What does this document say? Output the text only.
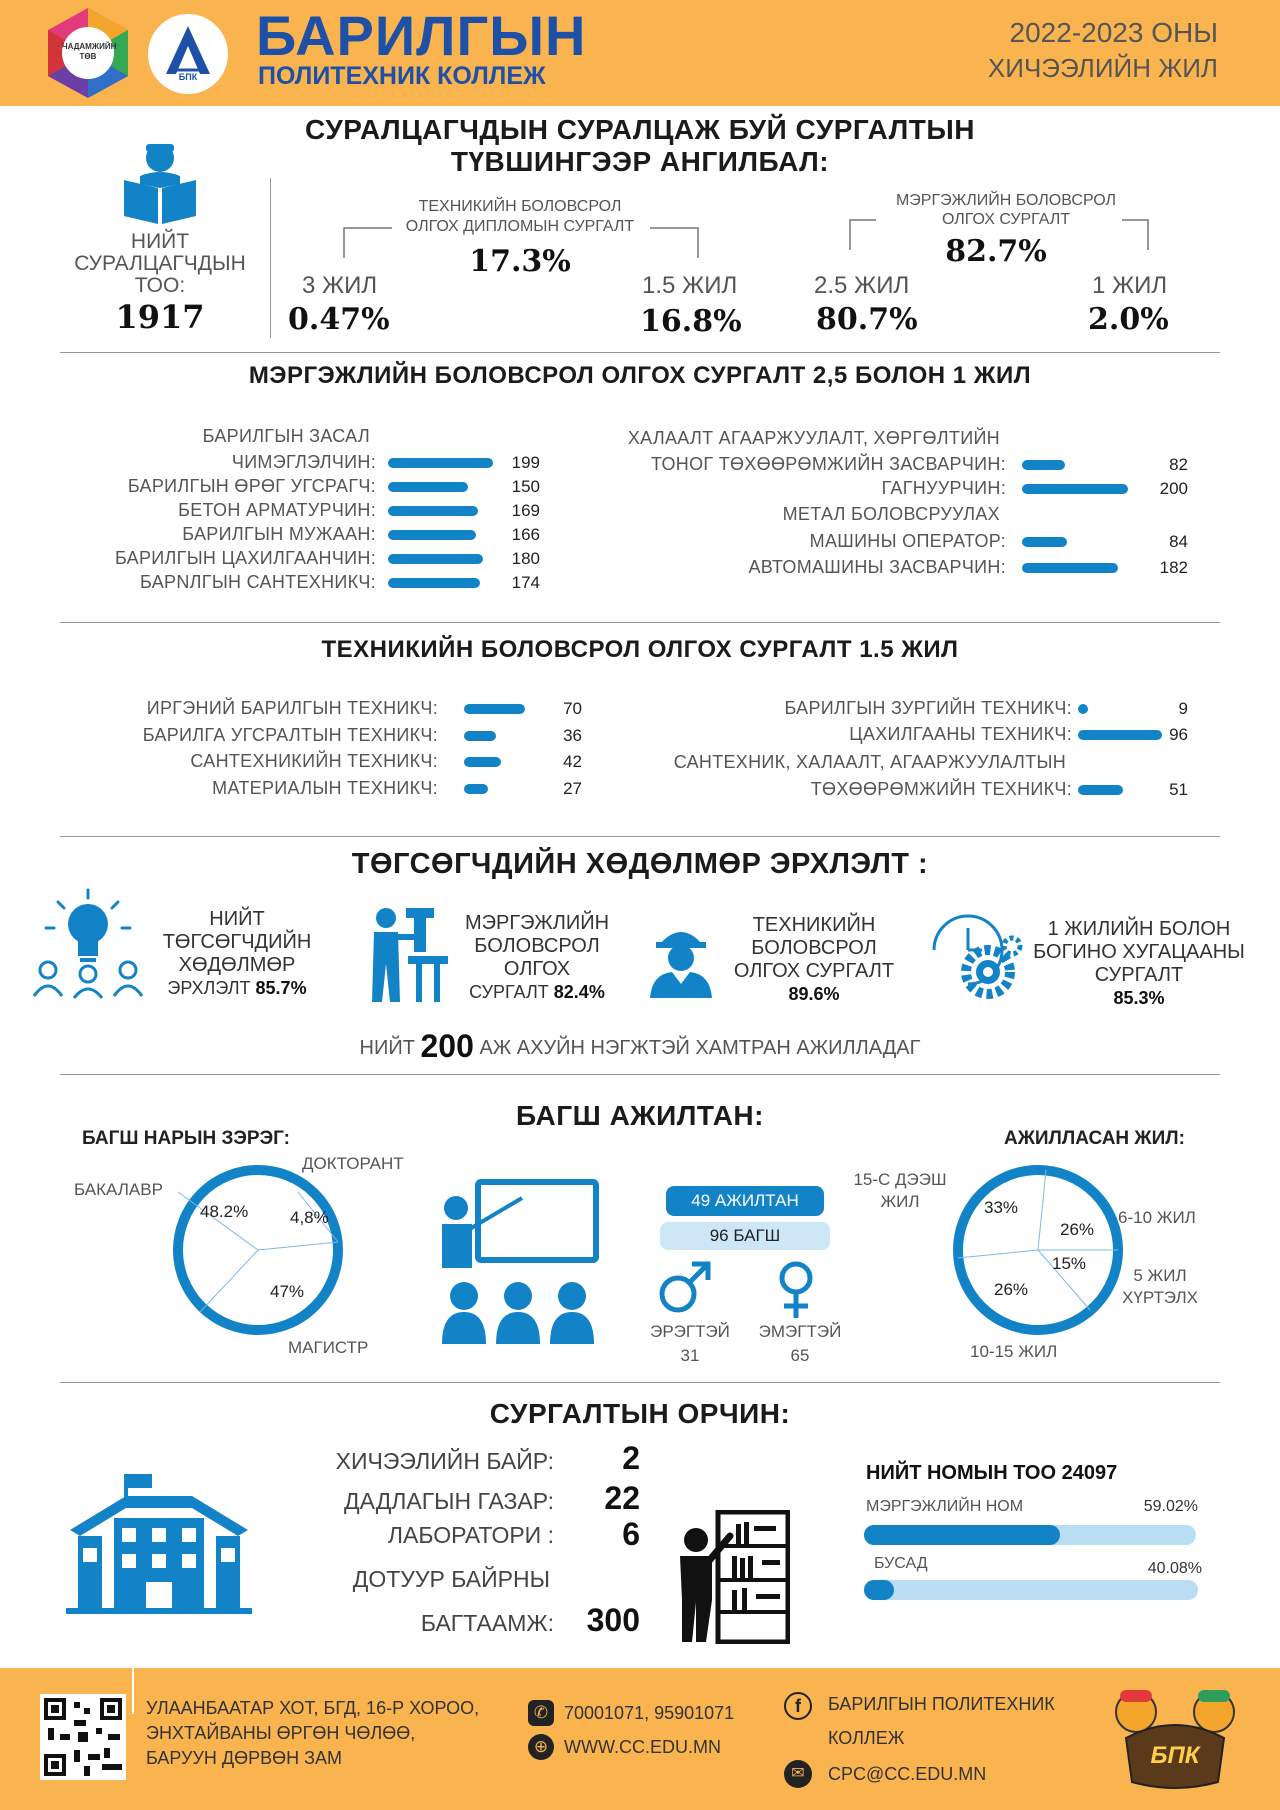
ЧАДАМЖИЙН ТӨВ
БПК
БАРИЛГЫН
ПОЛИТЕХНИК КОЛЛЕЖ
2022-2023 ОНЫ
ХИЧЭЭЛИЙН ЖИЛ
СУРАЛЦАГЧДЫН СУРАЛЦАЖ БУЙ СУРГАЛТЫН
ТҮВШИНГЭЭР АНГИЛБАЛ:
НИЙТ
СУРАЛЦАГЧДЫН
ТОО:
1917
ТЕХНИКИЙН БОЛОВСРОЛ
ОЛГОХ ДИПЛОМЫН СУРГАЛТ
17.3%
МЭРГЭЖЛИЙН БОЛОВСРОЛ
ОЛГОХ СУРГАЛТ
82.7%
3 ЖИЛ
0.47%
1.5 ЖИЛ
16.8%
2.5 ЖИЛ
80.7%
1 ЖИЛ
2.0%
МЭРГЭЖЛИЙН БОЛОВСРОЛ ОЛГОХ СУРГАЛТ 2,5 БОЛОН 1 ЖИЛ
БАРИЛГЫН ЗАСАЛ
ЧИМЭГЛЭЛЧИН:	199
БАРИЛГЫН ӨРӨГ УГСРАГЧ:	150
БЕТОН АРМАТУРЧИН:	169
БАРИЛГЫН МУЖААН:	166
БАРИЛГЫН ЦАХИЛГААНЧИН:	180
БАРNЛГЫН САНТЕХНИКЧ:	174
ХАЛААЛТ АГААРЖУУЛАЛТ, ХӨРГӨЛТИЙН
ТОНОГ ТӨХӨӨРӨМЖИЙН ЗАСВАРЧИН:	82
ГАГНУУРЧИН:	200
МЕТАЛ БОЛОВСРУУЛАХ
МАШИНЫ ОПЕРАТОР:	84
АВТОМАШИНЫ ЗАСВАРЧИН:	182
ТЕХНИКИЙН БОЛОВСРОЛ ОЛГОХ СУРГАЛТ 1.5 ЖИЛ
ИРГЭНИЙ БАРИЛГЫН ТЕХНИКЧ:	70
БАРИЛГА УГСРАЛТЫН ТЕХНИКЧ:	36
САНТЕХНИКИЙН ТЕХНИКЧ:	42
МАТЕРИАЛЫН ТЕХНИКЧ:	27
БАРИЛГЫН ЗУРГИЙН ТЕХНИКЧ:	9
ЦАХИЛГААНЫ ТЕХНИКЧ:	96
САНТЕХНИК, ХАЛААЛТ, АГААРЖУУЛАЛТЫН
ТӨХӨӨРӨМЖИЙН ТЕХНИКЧ:	51
ТӨГСӨГЧДИЙН ХӨДӨЛМӨР ЭРХЛЭЛТ :
НИЙТ
ТӨГСӨГЧДИЙН
ХӨДӨЛМӨР
ЭРХЛЭЛТ 85.7%
МЭРГЭЖЛИЙН
БОЛОВСРОЛ
ОЛГОХ
СУРГАЛТ 82.4%
ТЕХНИКИЙН
БОЛОВСРОЛ
ОЛГОХ СУРГАЛТ
89.6%
1 ЖИЛИЙН БОЛОН
БОГИНО ХУГАЦААНЫ
СУРГАЛТ
85.3%
НИЙТ 200 АЖ АХУЙН НЭГЖТЭЙ ХАМТРАН АЖИЛЛАДАГ
БАГШ АЖИЛТАН:
БАГШ НАРЫН ЗЭРЭГ:
БАКАЛАВР
ДОКТОРАНТ
МАГИСТР
48.2% 4,8%
47%
49 АЖИЛТАН
96 БАГШ
ЭРЭГТЭЙ
31
ЭМЭГТЭЙ
65
АЖИЛЛАСАН ЖИЛ:
15-С ДЭЭШ
ЖИЛ
6-10 ЖИЛ
5 ЖИЛ
ХҮРТЭЛХ
10-15 ЖИЛ
33%
26%
15%
26%
СУРГАЛТЫН ОРЧИН:
ХИЧЭЭЛИЙН БАЙР:	2
ДАДЛАГЫН ГАЗАР:	22
ЛАБОРАТОРИ :	6
ДОТУУР БАЙРНЫ
БАГТААМЖ:	300
НИЙТ НОМЫН ТОО 24097
МЭРГЭЖЛИЙН НОМ	59.02%
БУСАД	40.08%
УЛААНБААТАР ХОТ, БГД, 16-Р ХОРОО,
ЭНХТАЙВАНЫ ӨРГӨН ЧӨЛӨӨ,
БАРУУН ДӨРВӨН ЗАМ
✆ 70001071, 95901071
⊕ WWW.CC.EDU.MN
f	БАРИЛГЫН ПОЛИТЕХНИК
КОЛЛЕЖ
✉	CPC@CC.EDU.MN
БПК
